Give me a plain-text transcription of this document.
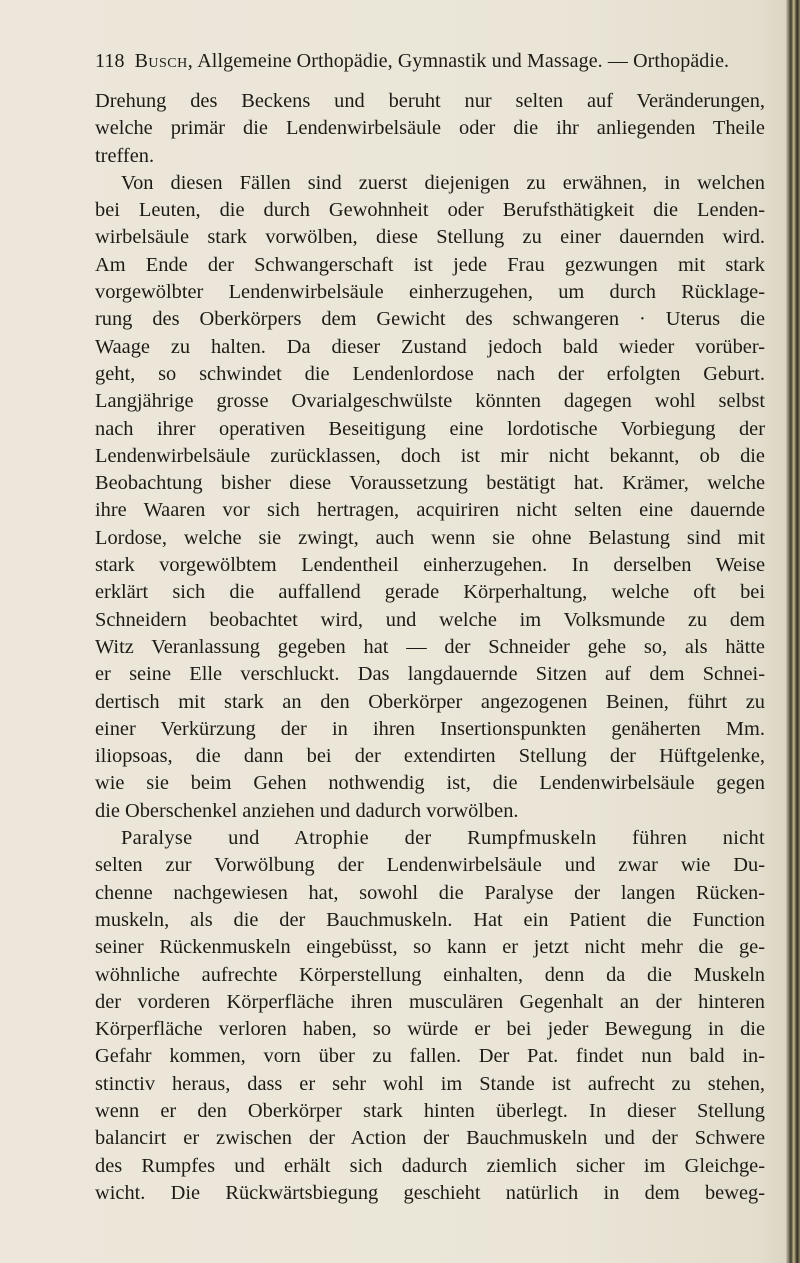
118 Busch, Allgemeine Orthopädie, Gymnastik und Massage. — Orthopädie.
Drehung des Beckens und beruht nur selten auf Veränderungen,
welche primär die Lendenwirbelsäule oder die ihr anliegenden Theile
treffen.
Von diesen Fällen sind zuerst diejenigen zu erwähnen, in welchen
bei Leuten, die durch Gewohnheit oder Berufsthätigkeit die Lenden-
wirbelsäule stark vorwölben, diese Stellung zu einer dauernden wird.
Am Ende der Schwangerschaft ist jede Frau gezwungen mit stark
vorgewölbter Lendenwirbelsäule einherzugehen, um durch Rücklage-
rung des Oberkörpers dem Gewicht des schwangeren · Uterus die
Waage zu halten. Da dieser Zustand jedoch bald wieder vorüber-
geht, so schwindet die Lendenlordose nach der erfolgten Geburt.
Langjährige grosse Ovarialgeschwülste könnten dagegen wohl selbst
nach ihrer operativen Beseitigung eine lordotische Vorbiegung der
Lendenwirbelsäule zurücklassen, doch ist mir nicht bekannt, ob die
Beobachtung bisher diese Voraussetzung bestätigt hat. Krämer, welche
ihre Waaren vor sich hertragen, acquiriren nicht selten eine dauernde
Lordose, welche sie zwingt, auch wenn sie ohne Belastung sind mit
stark vorgewölbtem Lendentheil einherzugehen. In derselben Weise
erklärt sich die auffallend gerade Körperhaltung, welche oft bei
Schneidern beobachtet wird, und welche im Volksmunde zu dem
Witz Veranlassung gegeben hat — der Schneider gehe so, als hätte
er seine Elle verschluckt. Das langdauernde Sitzen auf dem Schnei-
dertisch mit stark an den Oberkörper angezogenen Beinen, führt zu
einer Verkürzung der in ihren Insertionspunkten genäherten Mm.
iliopsoas, die dann bei der extendirten Stellung der Hüftgelenke,
wie sie beim Gehen nothwendig ist, die Lendenwirbelsäule gegen
die Oberschenkel anziehen und dadurch vorwölben.
Paralyse und Atrophie der Rumpfmuskeln führen nicht
selten zur Vorwölbung der Lendenwirbelsäule und zwar wie Du-
chenne nachgewiesen hat, sowohl die Paralyse der langen Rücken-
muskeln, als die der Bauchmuskeln. Hat ein Patient die Function
seiner Rückenmuskeln eingebüsst, so kann er jetzt nicht mehr die ge-
wöhnliche aufrechte Körperstellung einhalten, denn da die Muskeln
der vorderen Körperfläche ihren musculären Gegenhalt an der hinteren
Körperfläche verloren haben, so würde er bei jeder Bewegung in die
Gefahr kommen, vorn über zu fallen. Der Pat. findet nun bald in-
stinctiv heraus, dass er sehr wohl im Stande ist aufrecht zu stehen,
wenn er den Oberkörper stark hinten überlegt. In dieser Stellung
balancirt er zwischen der Action der Bauchmuskeln und der Schwere
des Rumpfes und erhält sich dadurch ziemlich sicher im Gleichge-
wicht. Die Rückwärtsbiegung geschieht natürlich in dem beweg-
